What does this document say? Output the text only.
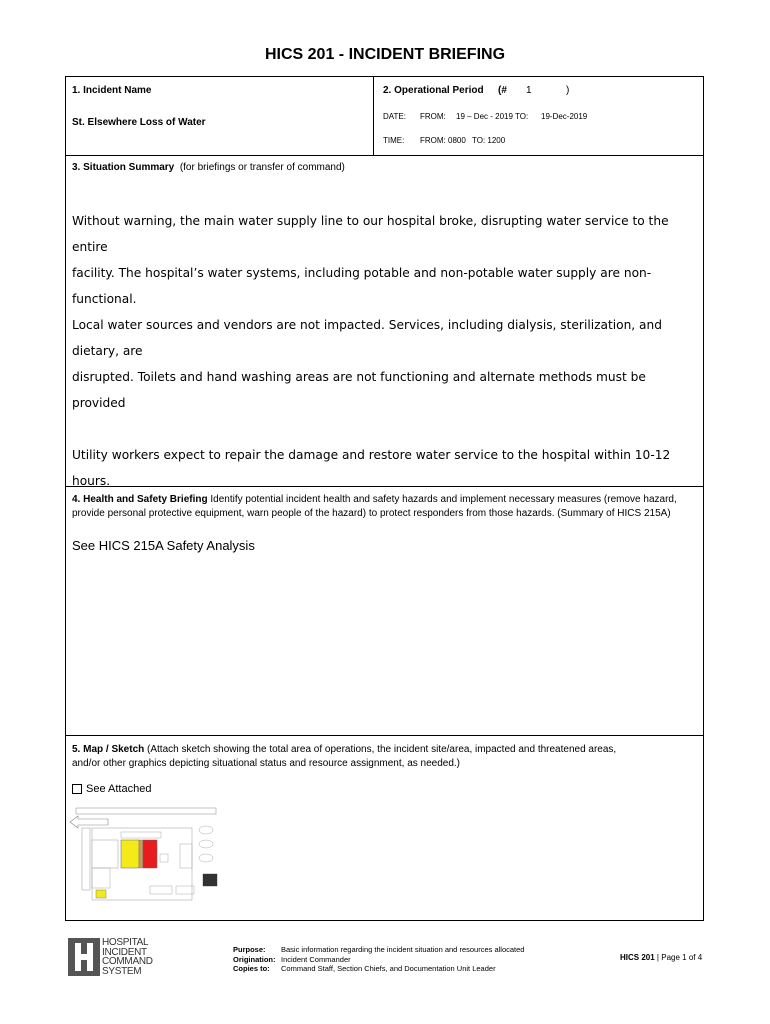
HICS 201 - INCIDENT BRIEFING
1. Incident Name
St. Elsewhere Loss of Water
2. Operational Period (# 1	)
DATE: FROM: 19 – Dec - 2019 TO: 19-Dec-2019
TIME: FROM: 0800 TO: 1200
3. Situation Summary (for briefings or transfer of command)
Without warning, the main water supply line to our hospital broke, disrupting water service to the entire
facility. The hospital’s water systems, including potable and non-potable water supply are non-functional.
Local water sources and vendors are not impacted. Services, including dialysis, sterilization, and dietary, are
disrupted. Toilets and hand washing areas are not functioning and alternate methods must be provided
Utility workers expect to repair the damage and restore water service to the hospital within 10-12 hours.
4. Health and Safety Briefing Identify potential incident health and safety hazards and implement necessary measures (remove hazard,
provide personal protective equipment, warn people of the hazard) to protect responders from those hazards. (Summary of HICS 215A)
See HICS 215A Safety Analysis
5. Map / Sketch (Attach sketch showing the total area of operations, the incident site/area, impacted and threatened areas,
and/or other graphics depicting situational status and resource assignment, as needed.)
See Attached
HOSPITAL
INCIDENT
COMMAND
SYSTEM
Purpose: Basic information regarding the incident situation and resources allocated
Origination: Incident Commander
Copies to: Command Staff, Section Chiefs, and Documentation Unit Leader
HICS 201 | Page 1 of 4
